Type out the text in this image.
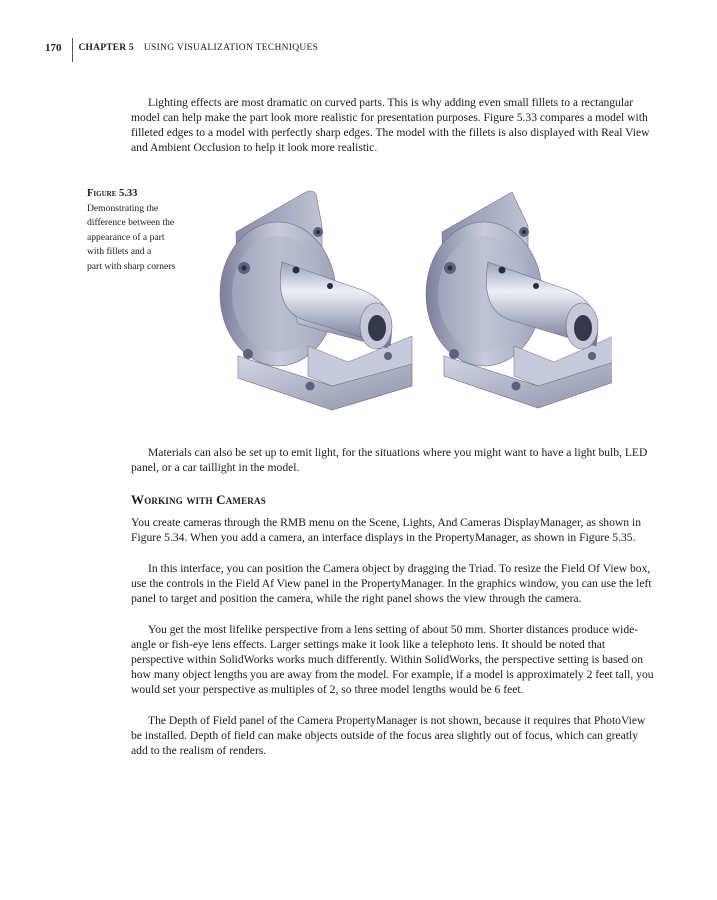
170 CHAPTER 5 USING VISUALIZATION TECHNIQUES

Lighting effects are most dramatic on curved parts. This is why adding even small fillets to a rectangular model can help make the part look more realistic for presentation purposes. Figure 5.33 compares a model with filleted edges to a model with perfectly sharp edges. The model with the fillets is also displayed with Real View and Ambient Occlusion to help it look more realistic.

Figure 5.33
Demonstrating the
difference between the
appearance of a part
with fillets and a
part with sharp corners

Materials can also be set up to emit light, for the situations where you might want to have a light bulb, LED panel, or a car taillight in the model.

Working with Cameras

You create cameras through the RMB menu on the Scene, Lights, And Cameras DisplayManager, as shown in Figure 5.34. When you add a camera, an interface displays in the PropertyManager, as shown in Figure 5.35.

In this interface, you can position the Camera object by dragging the Triad. To resize the Field Of View box, use the controls in the Field Af View panel in the PropertyManager. In the graphics window, you can use the left panel to target and position the camera, while the right panel shows the view through the camera.

You get the most lifelike perspective from a lens setting of about 50 mm. Shorter distances produce wide-angle or fish-eye lens effects. Larger settings make it look like a telephoto lens. It should be noted that perspective within SolidWorks works much differently. Within SolidWorks, the perspective setting is based on how many object lengths you are away from the model. For example, if a model is approximately 2 feet tall, you would set your perspective as multiples of 2, so three model lengths would be 6 feet.

The Depth of Field panel of the Camera PropertyManager is not shown, because it requires that PhotoView be installed. Depth of field can make objects outside of the focus area slightly out of focus, which can greatly add to the realism of renders.
